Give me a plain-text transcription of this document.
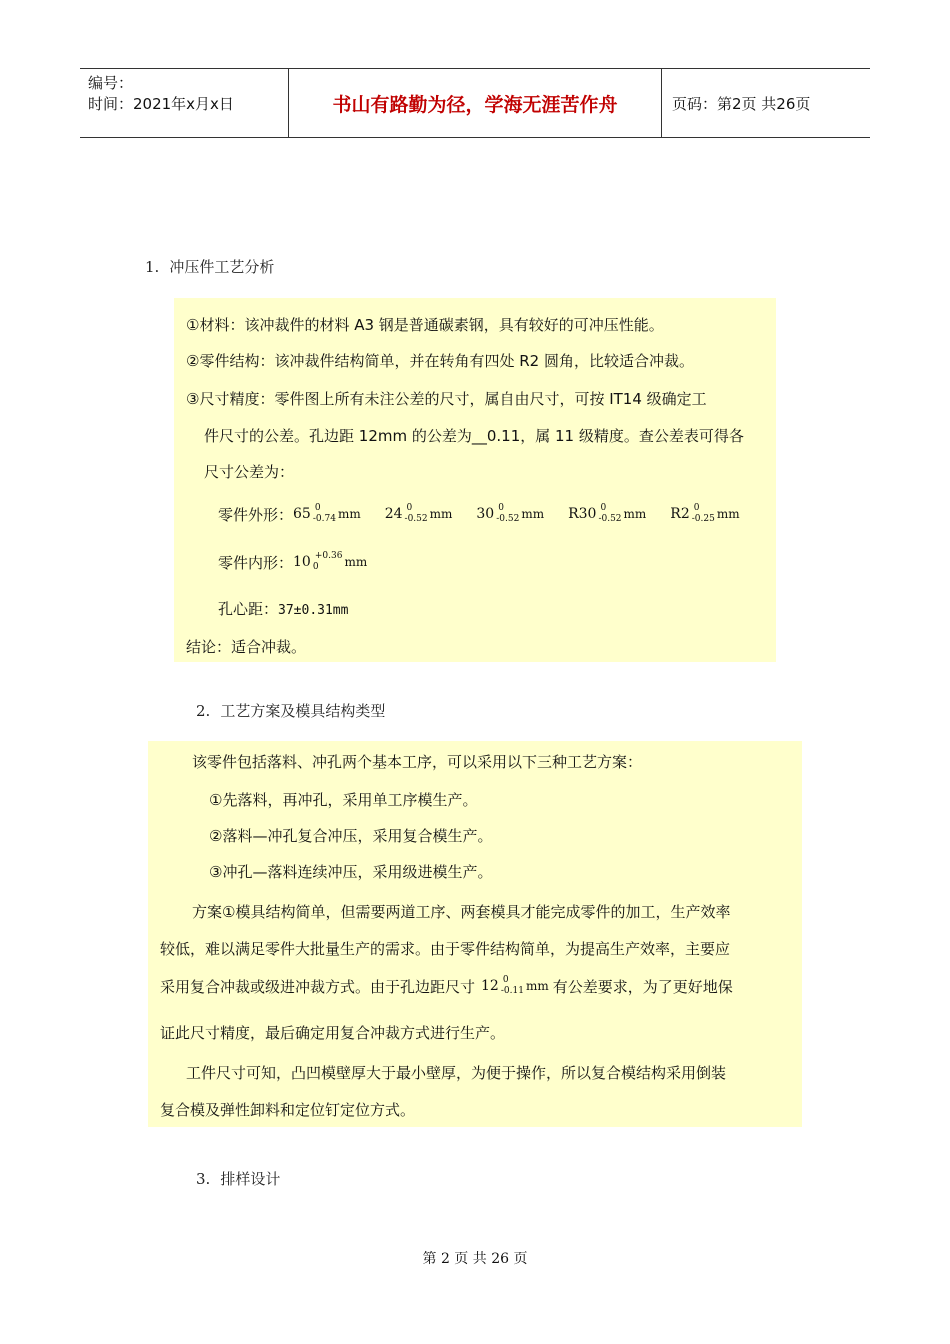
编号：
时间：2021年x月x日	书山有路勤为径，学海无涯苦作舟	页码：第2页 共26页
1. 冲压件工艺分析
①材料：该冲裁件的材料 A3 钢是普通碳素钢，具有较好的可冲压性能。
②零件结构：该冲裁件结构简单，并在转角有四处 R2 圆角，比较适合冲裁。
③尺寸精度：零件图上所有未注公差的尺寸，属自由尺寸，可按 IT14 级确定工
件尺寸的公差。孔边距 12mm 的公差为__0.11，属 11 级精度。查公差表可得各
尺寸公差为：
零件外形： 65 0
-0.74 mm 24 0
-0.52 mm 30 0
-0.52 mm R30 0
-0.52 mm R2 0
-0.25 mm
零件内形： 10 +0.36
0	mm
孔心距：37±0.31mm
结论：适合冲裁。
2. 工艺方案及模具结构类型
该零件包括落料、冲孔两个基本工序，可以采用以下三种工艺方案：
①先落料，再冲孔，采用单工序模生产。
②落料—冲孔复合冲压，采用复合模生产。
③冲孔—落料连续冲压，采用级进模生产。
方案①模具结构简单，但需要两道工序、两套模具才能完成零件的加工，生产效率
较低，难以满足零件大批量生产的需求。由于零件结构简单，为提高生产效率，主要应
采用复合冲裁或级进冲裁方式。由于孔边距尺寸 12 0
-0.11 mm 有公差要求，为了更好地保
证此尺寸精度，最后确定用复合冲裁方式进行生产。
工件尺寸可知，凸凹模壁厚大于最小壁厚，为便于操作，所以复合模结构采用倒装
复合模及弹性卸料和定位钉定位方式。
3. 排样设计
第 2 页 共 26 页
